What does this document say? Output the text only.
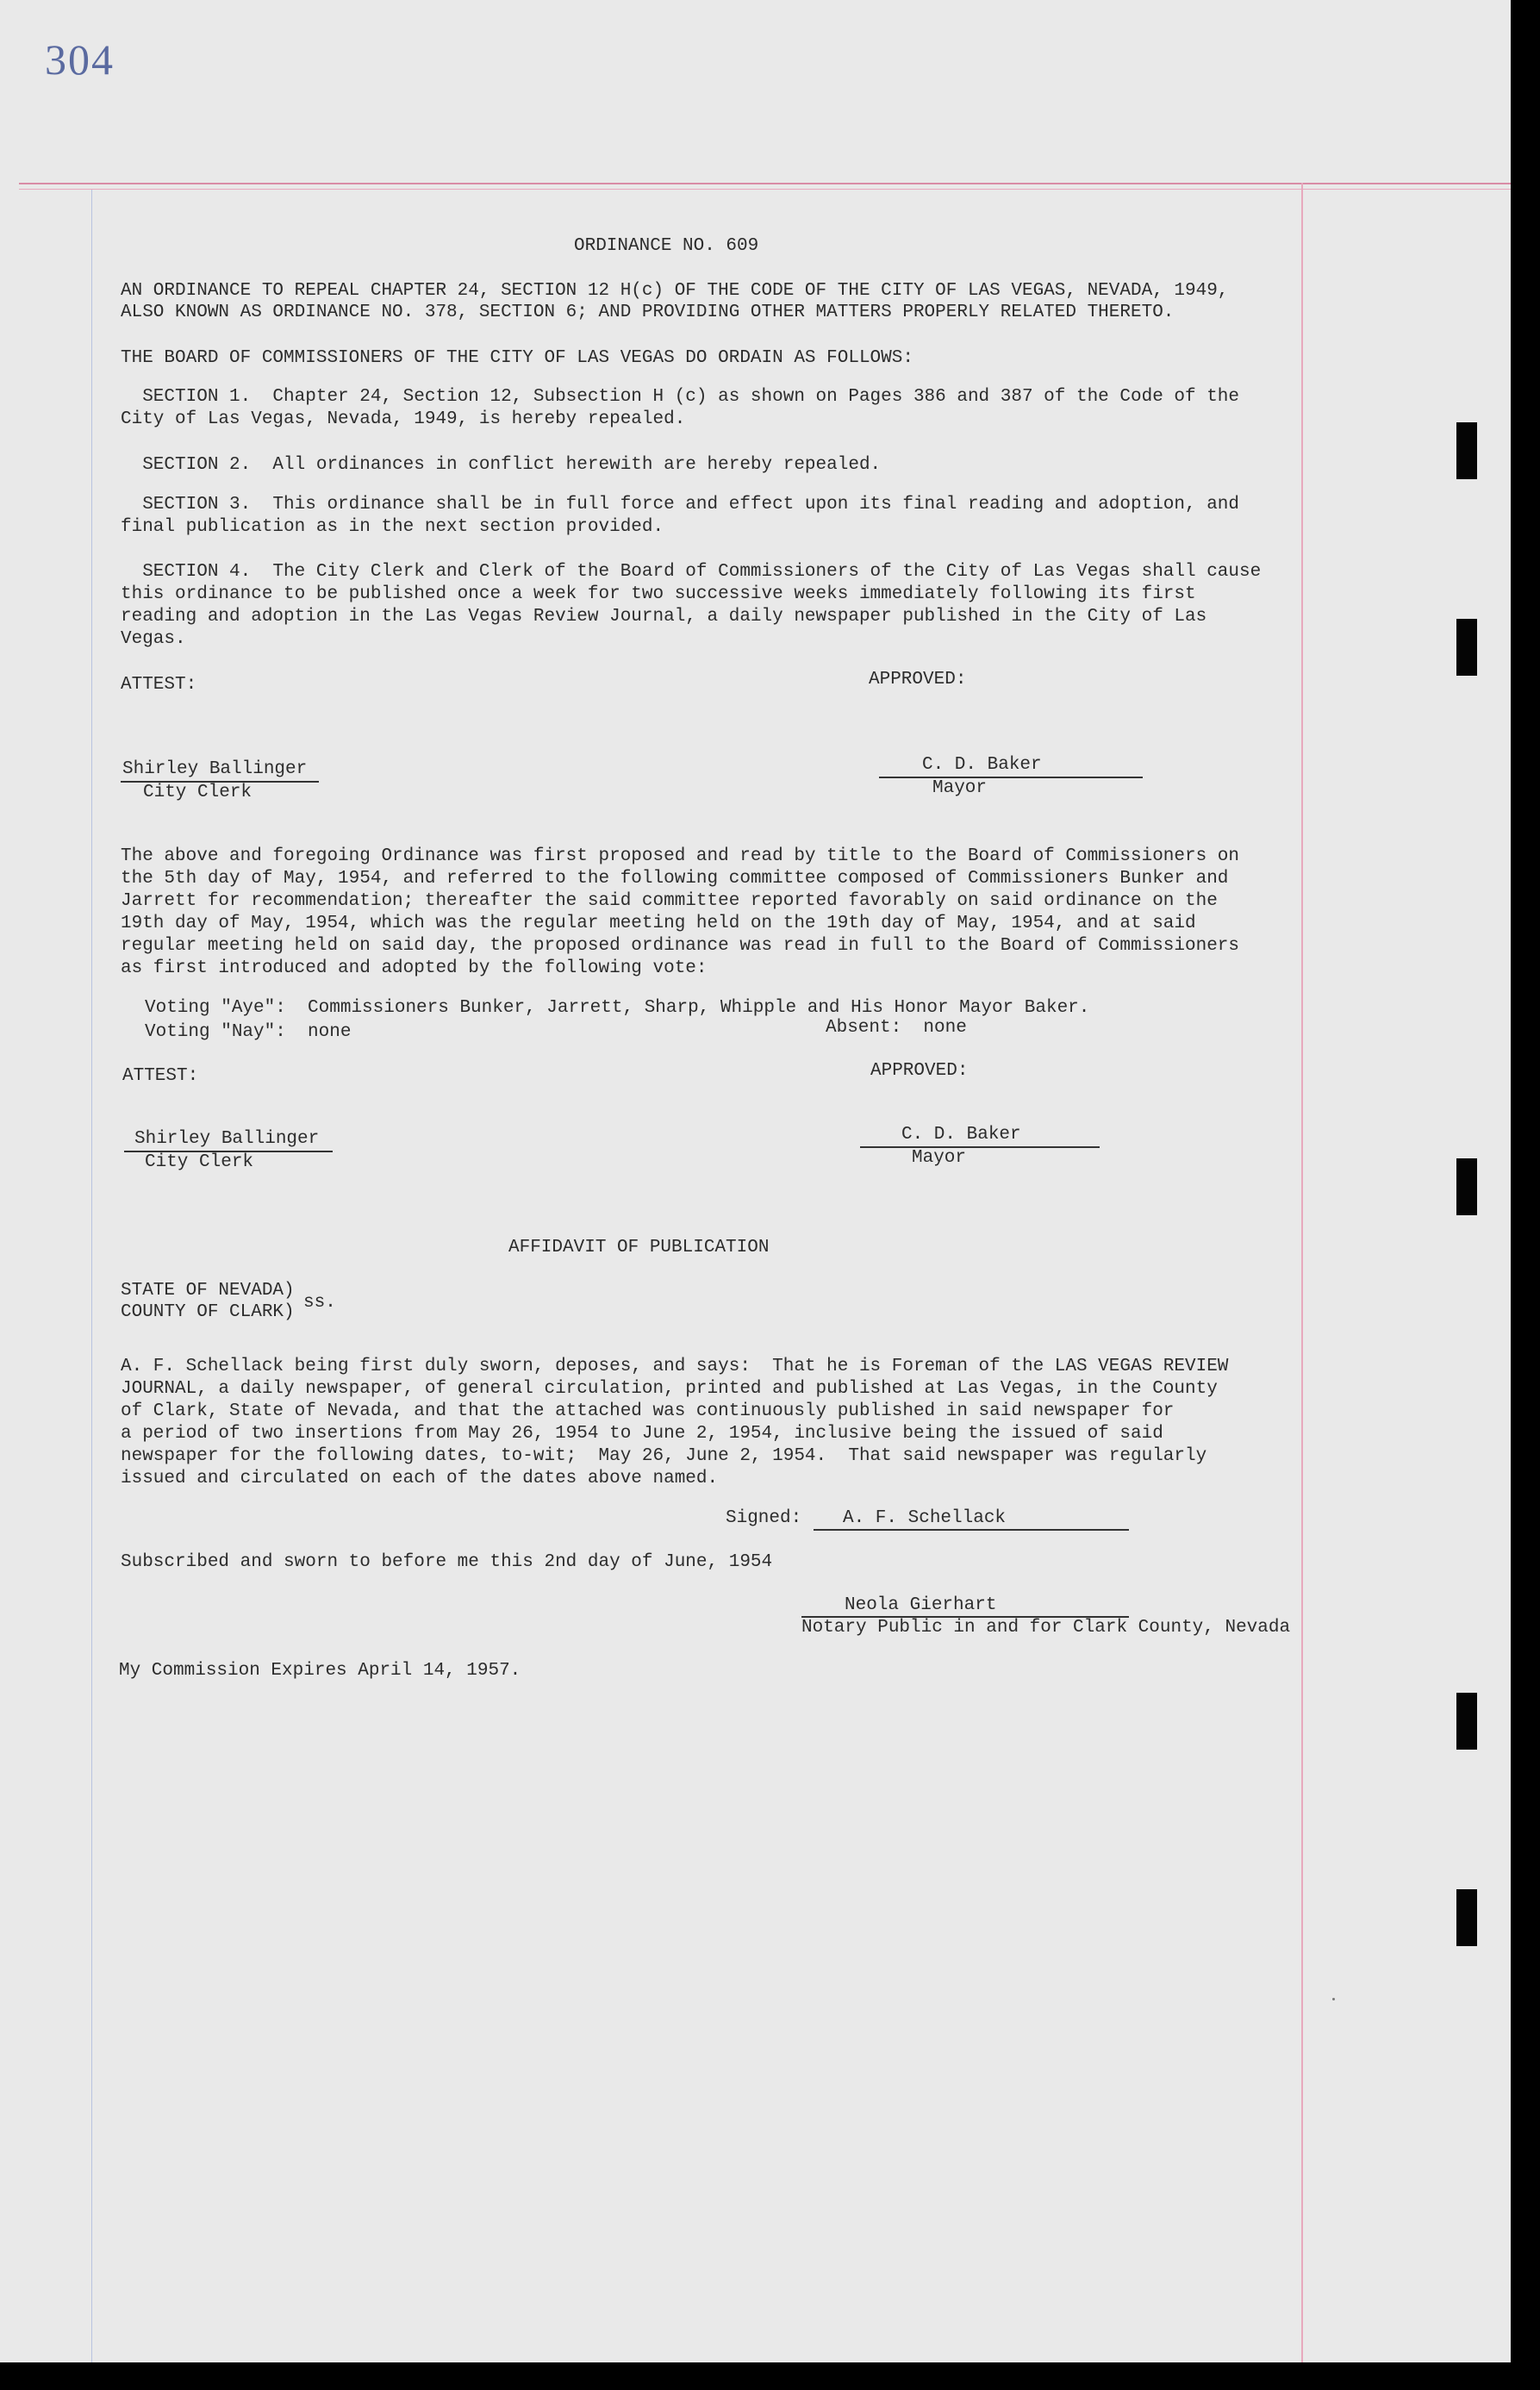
304
ORDINANCE NO. 609
AN ORDINANCE TO REPEAL CHAPTER 24, SECTION 12 H(c) OF THE CODE OF THE CITY OF LAS VEGAS, NEVADA, 1949,
ALSO KNOWN AS ORDINANCE NO. 378, SECTION 6; AND PROVIDING OTHER MATTERS PROPERLY RELATED THERETO.
THE BOARD OF COMMISSIONERS OF THE CITY OF LAS VEGAS DO ORDAIN AS FOLLOWS:
SECTION 1.  Chapter 24, Section 12, Subsection H (c) as shown on Pages 386 and 387 of the Code of the
City of Las Vegas, Nevada, 1949, is hereby repealed.
SECTION 2.  All ordinances in conflict herewith are hereby repealed.
SECTION 3.  This ordinance shall be in full force and effect upon its final reading and adoption, and
final publication as in the next section provided.
SECTION 4.  The City Clerk and Clerk of the Board of Commissioners of the City of Las Vegas shall cause
this ordinance to be published once a week for two successive weeks immediately following its first
reading and adoption in the Las Vegas Review Journal, a daily newspaper published in the City of Las
Vegas.
ATTEST:	APPROVED:
Shirley Ballinger
City Clerk
C. D. Baker
Mayor
The above and foregoing Ordinance was first proposed and read by title to the Board of Commissioners on
the 5th day of May, 1954, and referred to the following committee composed of Commissioners Bunker and
Jarrett for recommendation; thereafter the said committee reported favorably on said ordinance on the
19th day of May, 1954, which was the regular meeting held on the 19th day of May, 1954, and at said
regular meeting held on said day, the proposed ordinance was read in full to the Board of Commissioners
as first introduced and adopted by the following vote:
Voting "Aye":  Commissioners Bunker, Jarrett, Sharp, Whipple and His Honor Mayor Baker.
Voting "Nay":  none	Absent:  none
ATTEST:	APPROVED:
Shirley Ballinger
City Clerk
C. D. Baker
Mayor
AFFIDAVIT OF PUBLICATION
STATE OF NEVADA)
COUNTY OF CLARK) ss.
A. F. Schellack being first duly sworn, deposes, and says:  That he is Foreman of the LAS VEGAS REVIEW
JOURNAL, a daily newspaper, of general circulation, printed and published at Las Vegas, in the County
of Clark, State of Nevada, and that the attached was continuously published in said newspaper for
a period of two insertions from May 26, 1954 to June 2, 1954, inclusive being the issued of said
newspaper for the following dates, to-wit;  May 26, June 2, 1954.  That said newspaper was regularly
issued and circulated on each of the dates above named.
Signed: A. F. Schellack
Subscribed and sworn to before me this 2nd day of June, 1954
Neola Gierhart
Notary Public in and for Clark County, Nevada
My Commission Expires April 14, 1957.
